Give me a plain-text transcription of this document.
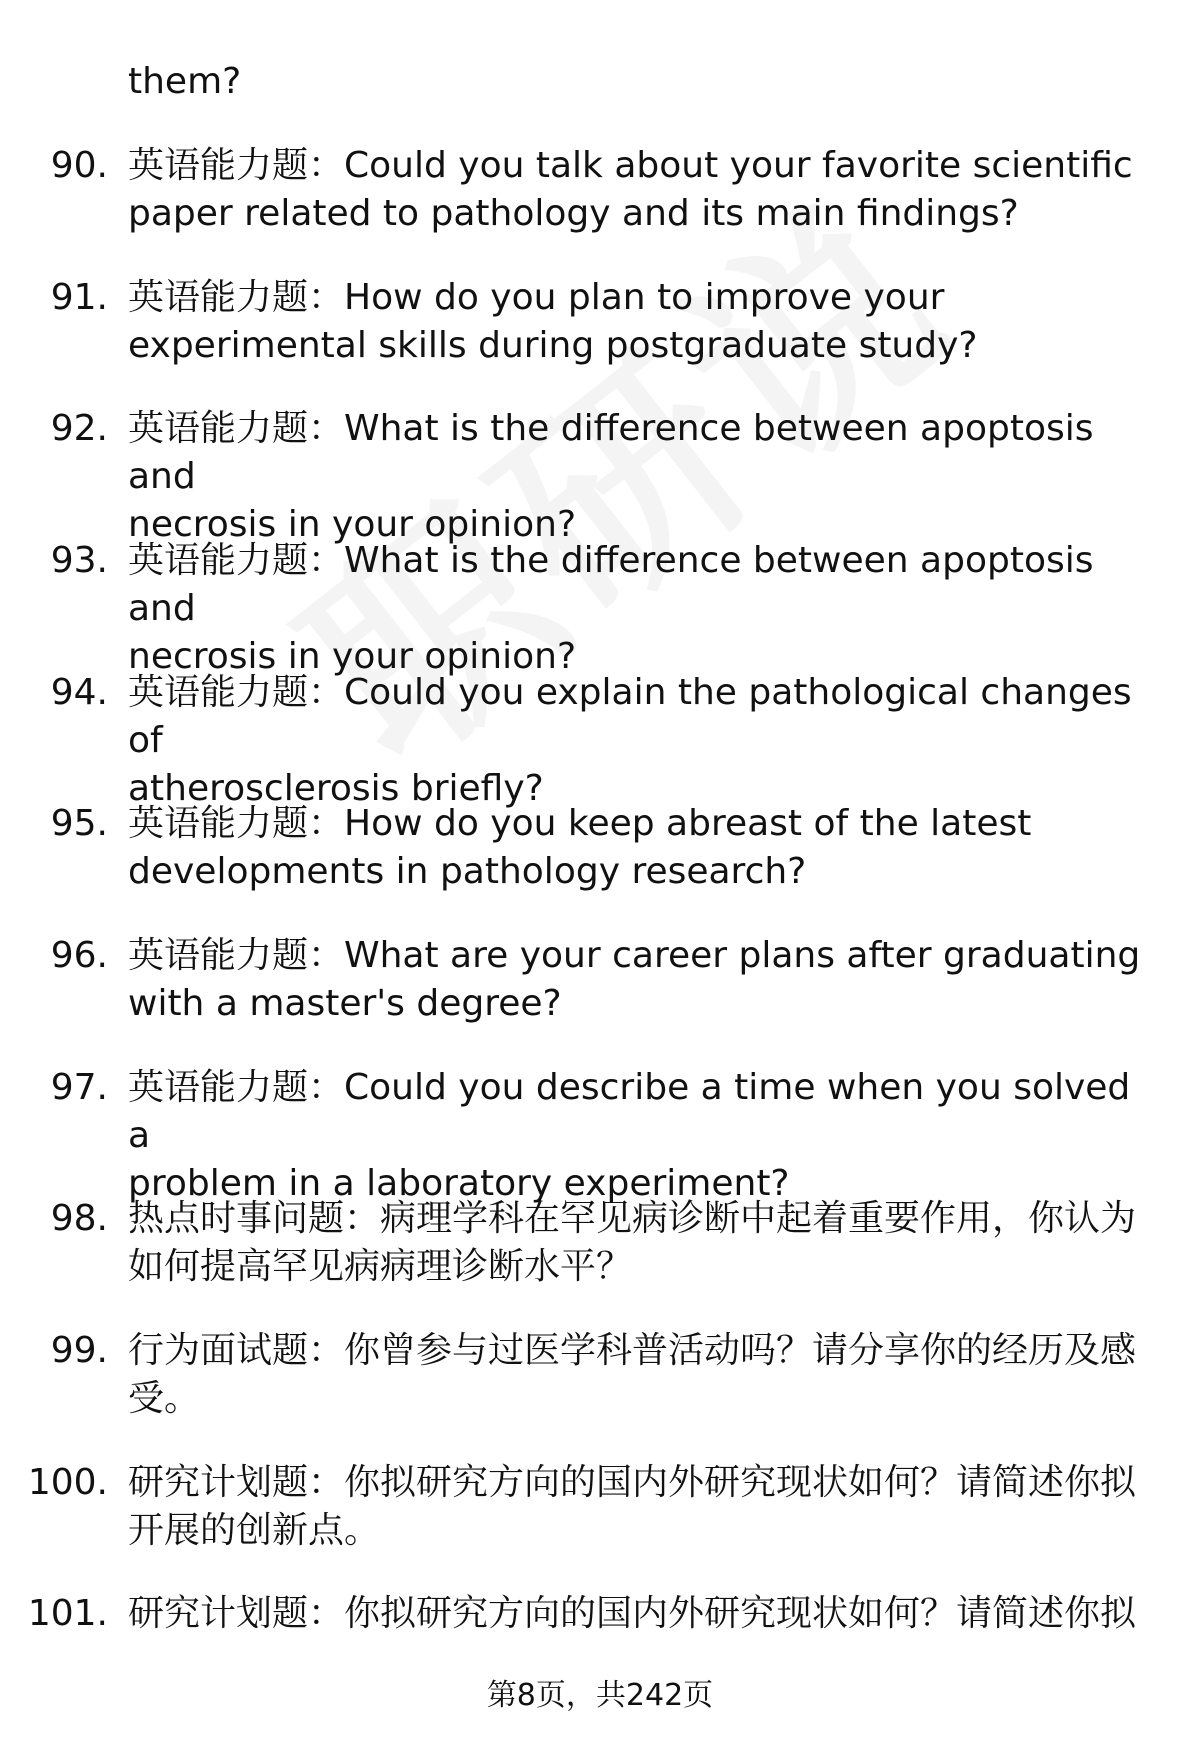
them?
90. 英语能力题：Could you talk about your favorite scientific
paper related to pathology and its main findings?
91. 英语能力题：How do you plan to improve your
experimental skills during postgraduate study?
92. 英语能力题：What is the difference between apoptosis and
necrosis in your opinion?
93. 英语能力题：What is the difference between apoptosis and
necrosis in your opinion?
94. 英语能力题：Could you explain the pathological changes of
atherosclerosis briefly?
95. 英语能力题：How do you keep abreast of the latest
developments in pathology research?
96. 英语能力题：What are your career plans after graduating
with a master's degree?
97. 英语能力题：Could you describe a time when you solved a
problem in a laboratory experiment?
98. 热点时事问题：病理学科在罕见病诊断中起着重要作用，你认为
如何提高罕见病病理诊断水平？
99. 行为面试题：你曾参与过医学科普活动吗？请分享你的经历及感
受。
100. 研究计划题：你拟研究方向的国内外研究现状如何？请简述你拟
开展的创新点。
101. 研究计划题：你拟研究方向的国内外研究现状如何？请简述你拟
第8页，共242页
